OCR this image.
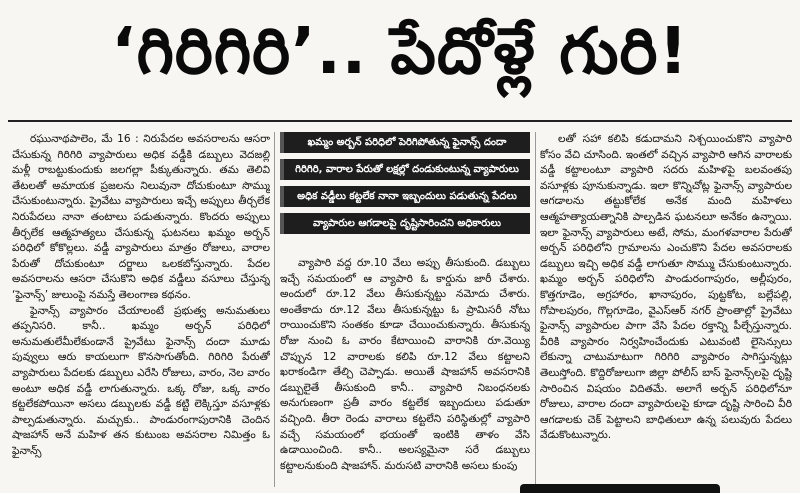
‘గిరిగిరి’.. పేదోళ్లే గురి!

రఘునాథపాలెం, మే 16 : నిరుపేదల అవసరాలను ఆసరా చేసుకున్న గిరిగిరి వ్యాపారులు అధిక వడ్డీకి డబ్బులు వెదజల్లి మళ్లీ రాబట్టుకుందుకు జలగల్లా పీక్కుతున్నారు. తమ తెలివి తేటలతో అమాయక ప్రజలను నిలువునా దోచుకుంటూ సొమ్ము చేసుకుంటున్నారు. ప్రైవేటు వ్యాపారులు ఇచ్చే అప్పులు తీర్చలేక నిరుపేదలు నానా తంటాలు పడుతున్నారు. కొందరు అప్పులు తీర్చలేక ఆత్మహత్యలు చేసుకున్న ఘటనలు ఖమ్మం అర్బన్ పరిధిలో కోకొల్లలు. వడ్డీ వ్యాపారులు మాత్రం రోజులు, వారాల పేరుతో దోచుకుంటూ దర్జాలు ఒలకబోస్తున్నారు. పేదల అవసరాలను ఆసరా చేసుకొని అధిక వడ్డీలు వసూలు చేస్తున్న ‘ఫైనాన్స్’ జులుంపై నమస్తే తెలంగాణ కథనం.

ఫైనాన్స్ వ్యాపారం చేయాలంటే ప్రభుత్వ అనుమతులు తప్పనిసరి. కానీ.. ఖమ్మం అర్బన్ పరిధిలో అనుమతులేమీలేకుండానే ప్రైవేటు ఫైనాన్స్ దందా మూడు పువ్వులు ఆరు కాయలుగా కొనసాగుతోంది. గిరిగిరి పేరుతో వ్యాపారులు పేదలకు డబ్బులు ఎరేసి రోజులు, వారం, నెల వారం అంటూ అధిక వడ్డీ లాగుతున్నారు. ఒక్క రోజు, ఒక్క వారం కట్టలేకపోయినా అసలు డబ్బులకు వడ్డీ కట్టి లెక్కిస్తూ వసూళ్లకు పాల్పడుతున్నారు. మచ్చుకు.. పాండురంగాపురానికి చెందిన షాజహాన్ అనే మహిళ తన కుటుంబ అవసరాల నిమిత్తం ఓ ఫైనాన్స్

ఖమ్మం అర్బన్ పరిధిలో పెరిగిపోతున్న ఫైనాన్స్ దందా
గిరిగిరి, వారాల పేరుతో లక్షల్లో దండుకుంటున్న వ్యాపారులు
అధిక వడ్డీలు కట్టలేక నానా ఇబ్బందులు పడుతున్న పేదలు
వ్యాపారుల ఆగడాలపై దృష్టిసారించని అధికారులు

వ్యాపారి వద్ద రూ.10 వేలు అప్పు తీసుకుంది. డబ్బులు ఇచ్చే సమయంలో ఆ వ్యాపారి ఓ కార్డును జారీ చేశారు. అందులో రూ.12 వేలు తీసుకున్నట్టు నమోదు చేశారు. అంతేకాదు రూ.12 వేలు తీసుకున్నట్టు ఓ ప్రామిసరీ నోటు రాయించుకొని సంతకం కూడా చేయించుకున్నారు. తీసుకున్న రోజు నుంచి ఓ వారం కేటాయించి వారానికి రూ.వెయ్యి చొప్పున 12 వారాలకు కలిపి రూ.12 వేలు కట్టాలని ఖరాకండిగా తేల్చి చెప్పాడు. అయితే షాజహాన్ అవసరానికి డబ్బులైతే తీసుకుంది కానీ.. వ్యాపారి నిబంధనలకు అనుగుణంగా ప్రతీ వారం కట్టలేక ఇబ్బందులు పడుతూ వచ్చింది. తీరా రెండు వారాలు కట్టలేని పరిస్థితుల్లో వ్యాపారి వచ్చే సమయంలో భయంతో ఇంటికి తాళం వేసి ఉడాయించింది. కానీ.. అలస్యమైనా సరే డబ్బులు కట్టాలనుకుంది షాజహాన్. మరుసటి వారానికి అసలు కుంపు

లతో సహా కలిపి కడుదామని నిశ్చయించుకొని వ్యాపారి కోసం వేచి చూసింది. ఇంతలో వచ్చిన వ్యాపారి ఆగిన వారాలకు వడ్డీ కట్టాలంటూ వ్యాపారి సదరు మహిళపై బలవంతపు వసూళ్లకు పూనుకున్నాడు. ఇలా కొన్నిచోట్ల ఫైనాన్స్ వ్యాపారుల ఆగడాలను తట్టుకోలేక అనేక మంది మహిళలు ఆత్మహత్యాయత్నానికి పాల్పడిన ఘటనలూ అనేకం ఉన్నాయి. ఇలా ఫైనాన్స్ వ్యాపారులు అటే, సోమ, మంగళవారాల పేరుతో అర్బన్ పరిధిలోని గ్రామాలను ఎంచుకొని పేదల అవసరాలకు డబ్బులు ఇచ్చి అధిక వడ్డీ లాగుతూ సొమ్ము చేసుకుంటున్నారు. ఖమ్మం అర్బన్ పరిధిలోని పాండురంగాపురం, అల్లీపురం, కొత్తగూడెం, అగ్రహారం, ఖానాపురం, పుట్టకోట, బల్లేపల్లి, గోపాలపురం, గొల్లగూడెం, వైఎస్ఆర్ నగర్ ప్రాంతాల్లో ప్రైవేటు ఫైనాన్స్ వ్యాపారుల పాగా వేసి పేదల రక్తాన్ని పీల్చేస్తున్నారు. వీరికి వ్యాపారం నిర్వహించేందుకు ఎటువంటి లైసెన్సులు లేకున్నా చాటుమాటుగా గిరిగిరి వ్యాపారం సాగిస్తున్నట్లు తెలుస్తోంది. కొద్దిరోజులుగా జిల్లా పోలీస్ బాస్ ఫైనాన్స్‌లపై దృష్టి సారించిన విషయం విదితమే. అలాగే అర్బన్ పరిధిలోనూ రోజులు, వారాల దందా వ్యాపారులపై కూడా దృష్టి సారించి వీరి ఆగడాలకు చెక్ పెట్టాలని బాధితులూ ఉన్న పలువురు పేదలు వేడుకొంటున్నారు.
